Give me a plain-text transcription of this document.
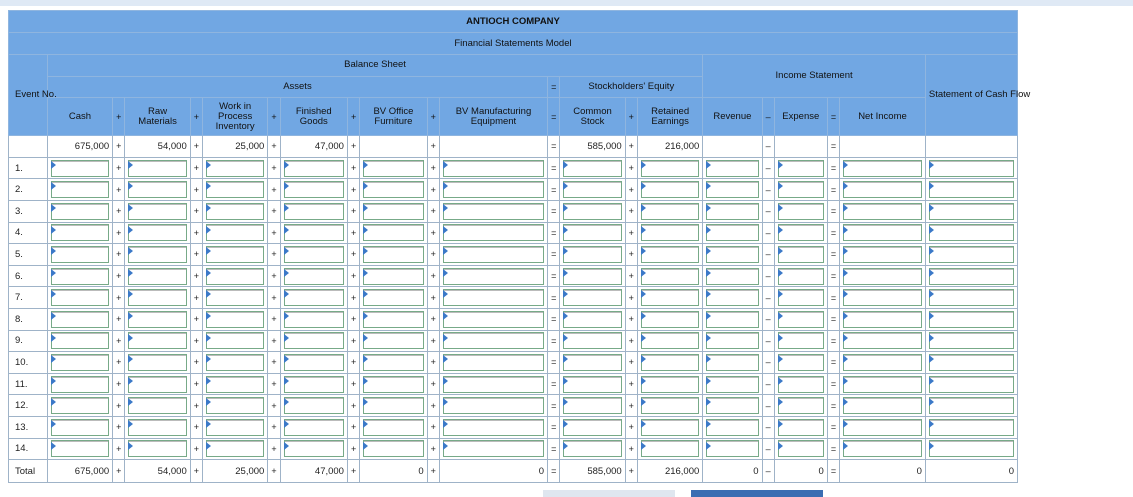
ANTIOCH COMPANY																					
Financial Statements Model																					
Event No.	Balance Sheet															Income Statement					Statement of Cash Flow
	Assets											=	Stockholders' Equity								
	Cash	+	Raw Materials	+	Work in Process Inventory	+	Finished Goods	+	BV Office Furniture	+	BV Manufacturing Equipment	=	Common Stock	+	Retained Earnings	Revenue	–	Expense	=	Net Income	
	675,000	+	54,000	+	25,000	+	47,000	+		+		=	585,000	+	216,000		–		=		
1.		+		+		+		+		+		=		+			–		=	

2.		+		+		+		+		+		=		+			–		=	

3.		+		+		+		+		+		=		+			–		=	

4.		+		+		+		+		+		=		+			–		=	

5.		+		+		+		+		+		=		+			–		=	

6.		+		+		+		+		+		=		+			–		=	

7.		+		+		+		+		+		=		+			–		=	

8.		+		+		+		+		+		=		+			–		=	

9.		+		+		+		+		+		=		+			–		=	

10.		+		+		+		+		+		=		+			–		=	

11.		+		+		+		+		+		=		+			–		=	

12.		+		+		+		+		+		=		+			–		=	

13.		+		+		+		+		+		=		+			–		=	

14.		+		+		+		+		+		=		+			–		=	

Total	675,000	+	54,000	+	25,000	+	47,000	+	0	+	0	=	585,000	+	216,000	0	–	0	=	0	0
